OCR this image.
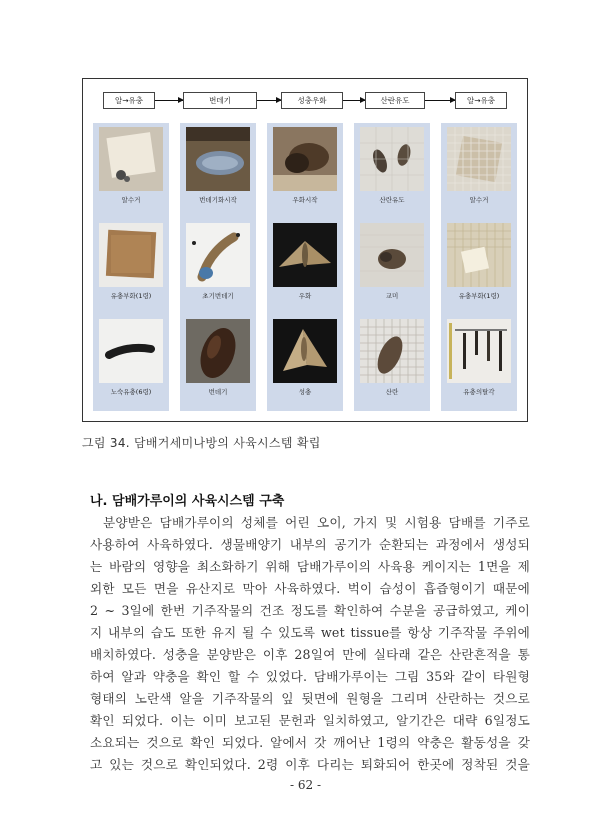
알→유충	번데기	성충우화	산란유도	알→유충
알수거
유충부화(1령)
노숙유충(6령)
번데기화시작
초기번데기
번데기
우화시작
우화
성충
산란유도
교미
산란
알수거
유충부화(1령)
유충의탈각
그림 34. 담배거세미나방의 사육시스템 확립
나. 담배가루이의 사육시스템 구축
분양받은 담배가루이의 성체를 어린 오이, 가지 및 시험용 담배를 기주로
사용하여 사육하였다. 생물배양기 내부의 공기가 순환되는 과정에서 생성되
는 바람의 영향을 최소화하기 위해 담배가루이의 사육용 케이지는 1면을 제
외한 모든 면을 유산지로 막아 사육하였다. 벅이 습성이 흡즙형이기 때문에
2 ~ 3일에 한번 기주작물의 건조 정도를 확인하여 수분을 공급하였고, 케이
지 내부의 습도 또한 유지 될 수 있도록 wet tissue를 항상 기주작물 주위에
배치하였다. 성충을 분양받은 이후 28일여 만에 실타래 같은 산란흔적을 통
하여 알과 약충을 확인 할 수 있었다. 담배가루이는 그림 35와 같이 타원형
형태의 노란색 알을 기주작물의 잎 뒷면에 원형을 그리며 산란하는 것으로
확인 되었다. 이는 이미 보고된 문헌과 일치하였고, 알기간은 대략 6일정도
소요되는 것으로 확인 되었다. 알에서 갓 깨어난 1령의 약충은 활동성을 갖
고 있는 것으로 확인되었다. 2령 이후 다리는 퇴화되어 한곳에 정착된 것을
- 62 -
